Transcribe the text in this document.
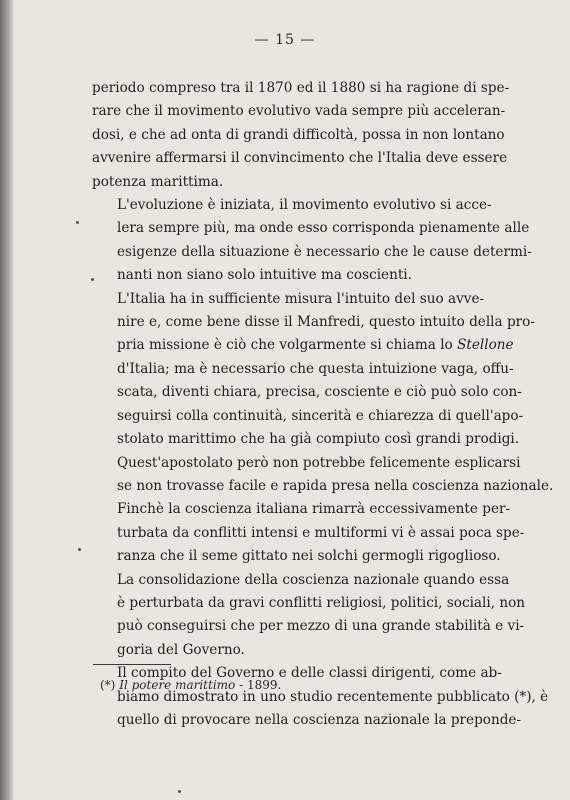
— 15 —

periodo compreso tra il 1870 ed il 1880 si ha ragione di spe-
rare che il movimento evolutivo vada sempre più acceleran-
dosi, e che ad onta di grandi difficoltà, possa in non lontano
avvenire affermarsi il convincimento che l'Italia deve essere
potenza marittima.

L'evoluzione è iniziata, il movimento evolutivo si acce-
lera sempre più, ma onde esso corrisponda pienamente alle
esigenze della situazione è necessario che le cause determi-
nanti non siano solo intuitive ma coscienti.

L'Italia ha in sufficiente misura l'intuito del suo avve-
nire e, come bene disse il Manfredi, questo intuito della pro-
pria missione è ciò che volgarmente si chiama lo Stellone
d'Italia; ma è necessario che questa intuizione vaga, offu-
scata, diventi chiara, precisa, cosciente e ciò può solo con-
seguirsi colla continuità, sincerità e chiarezza di quell'apo-
stolato marittimo che ha già compiuto così grandi prodigi.

Quest'apostolato però non potrebbe felicemente esplicarsi
se non trovasse facile e rapida presa nella coscienza nazionale.

Finchè la coscienza italiana rimarrà eccessivamente per-
turbata da conflitti intensi e multiformi vi è assai poca spe-
ranza che il seme gittato nei solchi germogli rigoglioso.

La consolidazione della coscienza nazionale quando essa
è perturbata da gravi conflitti religiosi, politici, sociali, non
può conseguirsi che per mezzo di una grande stabilità e vi-
goria del Governo.

Il compito del Governo e delle classi dirigenti, come ab-
biamo dimostrato in uno studio recentemente pubblicato (*), è
quello di provocare nella coscienza nazionale la preponde-

(*) Il potere marittimo - 1899.
